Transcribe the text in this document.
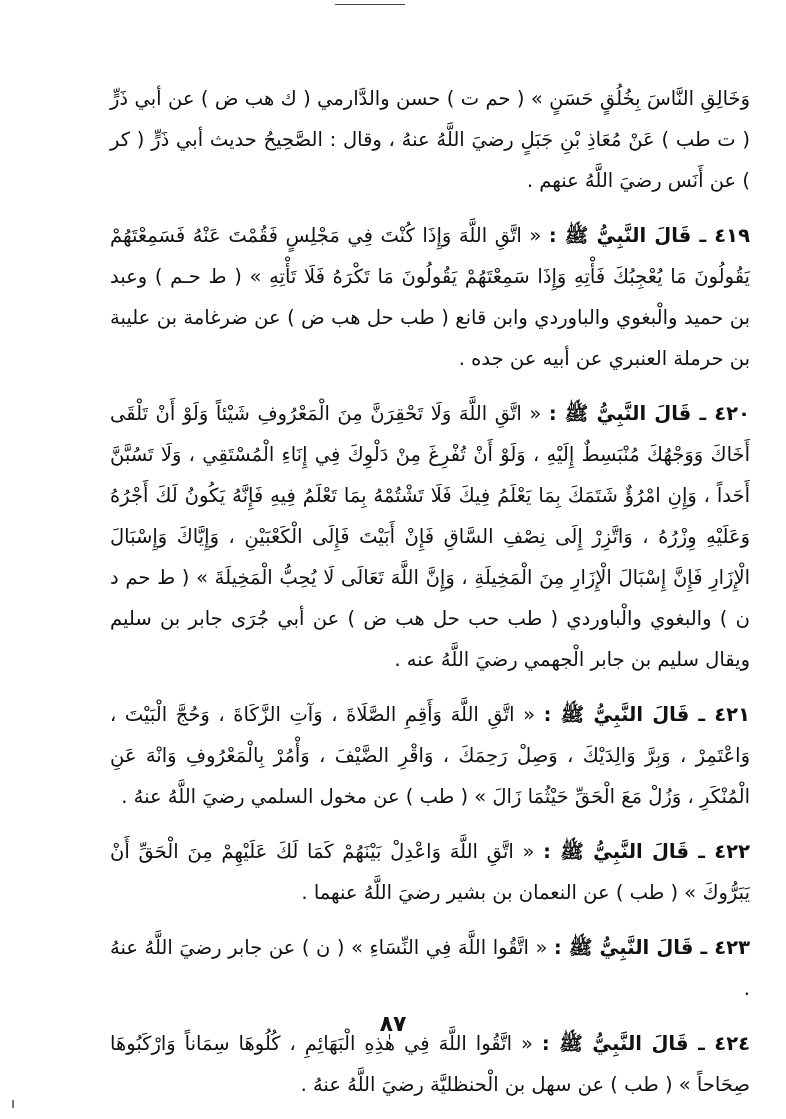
وَخَالِقِ النَّاسَ بِخُلُقٍ حَسَنٍ » ( حم ت ) حسن والدَّارمي ( ك هب ض ) عن أبي ذَرٍّ ( ت طب ) عَنْ مُعَاذِ بْنِ جَبَلٍ رضيَ اللَّهُ عنهُ ، وقال : الصَّحِيحُ حديث أبي ذَرٍّ ( كر ) عن أَنَس رضيَ اللَّهُ عنهم .

٤١٩ ـ قَالَ النَّبِيُّ ﷺ : « اتَّقِ اللَّهَ وَإِذَا كُنْتَ فِي مَجْلِسٍ فَقُمْتَ عَنْهُ فَسَمِعْتَهُمْ يَقُولُونَ مَا يُعْجِبُكَ فَأْتِهِ وَإِذَا سَمِعْتَهُمْ يَقُولُونَ مَا تَكْرَهُ فَلَا تَأْتِهِ » ( ط حـم ) وعبد بن حميد والْبغوي والباوردي وابن قانع ( طب حل هب ض ) عن ضرغامة بن عليبة بن حرملة العنبري عن أبيه عن جده .

٤٢٠ ـ قَالَ النَّبِيُّ ﷺ : « اتَّقِ اللَّهَ وَلَا تَحْقِرَنَّ مِنَ الْمَعْرُوفِ شَيْئاً وَلَوْ أَنْ تَلْقَى أَخَاكَ وَوَجْهُكَ مُنْبَسِطٌ إِلَيْهِ ، وَلَوْ أَنْ تُفْرِغَ مِنْ دَلْوِكَ فِي إِنَاءِ الْمُسْتَقِي ، وَلَا تَسُبَّنَّ أَحَداً ، وَإِنِ امْرُؤٌ شَتَمَكَ بِمَا يَعْلَمُ فِيكَ فَلَا تَشْتُمْهُ بِمَا تَعْلَمُ فِيهِ فَإِنَّهُ يَكُونُ لَكَ أَجْرُهُ وَعَلَيْهِ وِزْرُهُ ، وَاتَّزِرْ إِلَى نِصْفِ السَّاقِ فَإِنْ أَبَيْتَ فَإِلَى الْكَعْبَيْنِ ، وَإِيَّاكَ وَإِسْبَالَ الْإِزَارِ فَإِنَّ إِسْبَالَ الْإِزَارِ مِنَ الْمَخِيلَةِ ، وَإِنَّ اللَّهَ تَعَالَى لَا يُحِبُّ الْمَخِيلَةَ » ( ط حم د ن ) والبغوي والْباوردي ( طب حب حل هب ض ) عن أبي جُرَى جابر بن سليم ويقال سليم بن جابر الْجهمي رضيَ اللَّهُ عنه .

٤٢١ ـ قَالَ النَّبِيُّ ﷺ : « اتَّقِ اللَّهَ وَأَقِمِ الصَّلَاةَ ، وَآتِ الزَّكَاةَ ، وَحُجَّ الْبَيْتَ ، وَاعْتَمِرْ ، وَبِرَّ وَالِدَيْكَ ، وَصِلْ رَحِمَكَ ، وَاقْرِ الضَّيْفَ ، وَأْمُرْ بِالْمَعْرُوفِ وَانْهَ عَنِ الْمُنْكَرِ ، وَزُلْ مَعَ الْحَقِّ حَيْثُمَا زَالَ » ( طب ) عن مخول السلمي رضيَ اللَّهُ عنهُ .

٤٢٢ ـ قَالَ النَّبِيُّ ﷺ : « اتَّقِ اللَّهَ وَاعْدِلْ بَيْنَهُمْ كَمَا لَكَ عَلَيْهِمْ مِنَ الْحَقِّ أَنْ يَبَرُّوكَ » ( طب ) عن النعمان بن بشير رضيَ اللَّهُ عنهما .

٤٢٣ ـ قَالَ النَّبِيُّ ﷺ : « اتَّقُوا اللَّهَ فِي النِّسَاءِ » ( ن ) عن جابر رضيَ اللَّهُ عنهُ .

٤٢٤ ـ قَالَ النَّبِيُّ ﷺ : « اتَّقُوا اللَّهَ فِي هٰذِهِ الْبَهَائِمِ ، كُلُوهَا سِمَاناً وَارْكَبُوهَا صِحَاحاً » ( طب ) عن سهل بن الْحنظليَّة رضيَ اللَّهُ عنهُ .

٨٧
